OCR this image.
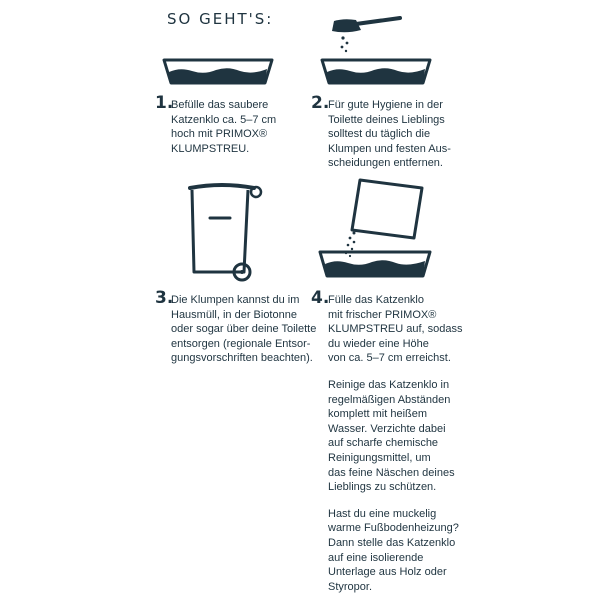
SO GEHT'S:
1.	2.
3.	4.
Befülle das saubere
Katzenklo ca. 5–7 cm
hoch mit PRIMOX®
KLUMPSTREU.
Für gute Hygiene in der
Toilette deines Lieblings
solltest du täglich die
Klumpen und festen Aus-
scheidungen entfernen.
Die Klumpen kannst du im
Hausmüll, in der Biotonne
oder sogar über deine Toilette
entsorgen (regionale Entsor-
gungsvorschriften beachten).

Fülle das Katzenklo
mit frischer PRIMOX®
KLUMPSTREU auf, sodass
du wieder eine Höhe
von ca. 5–7 cm erreichst.

Reinige das Katzenklo in
regelmäßigen Abständen
komplett mit heißem
Wasser. Verzichte dabei
auf scharfe chemische
Reinigungsmittel, um
das feine Näschen deines
Lieblings zu schützen.

Hast du eine muckelig
warme Fußbodenheizung?
Dann stelle das Katzenklo
auf eine isolierende
Unterlage aus Holz oder
Styropor.
